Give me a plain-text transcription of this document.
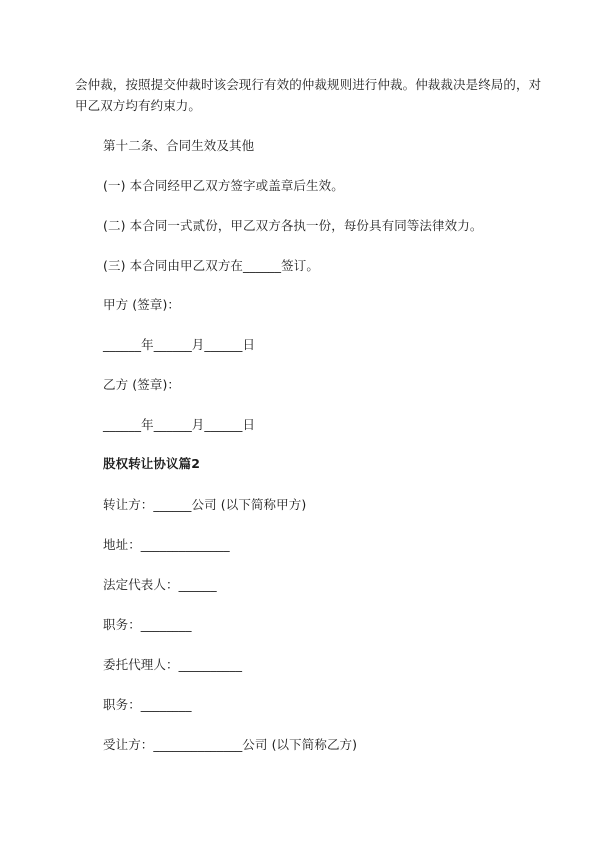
会仲裁，按照提交仲裁时该会现行有效的仲裁规则进行仲裁。仲裁裁决是终局的，对
甲乙双方均有约束力。
第十二条、合同生效及其他
(一) 本合同经甲乙双方签字或盖章后生效。
(二) 本合同一式贰份，甲乙双方各执一份，每份具有同等法律效力。
(三) 本合同由甲乙双方在______签订。
甲方 (签章)：
______年______月______日
乙方 (签章)：
______年______月______日
股权转让协议篇2
转让方：______公司 (以下简称甲方)
地址：______________
法定代表人：______
职务：________
委托代理人：__________
职务：________
受让方：______________公司 (以下简称乙方)
